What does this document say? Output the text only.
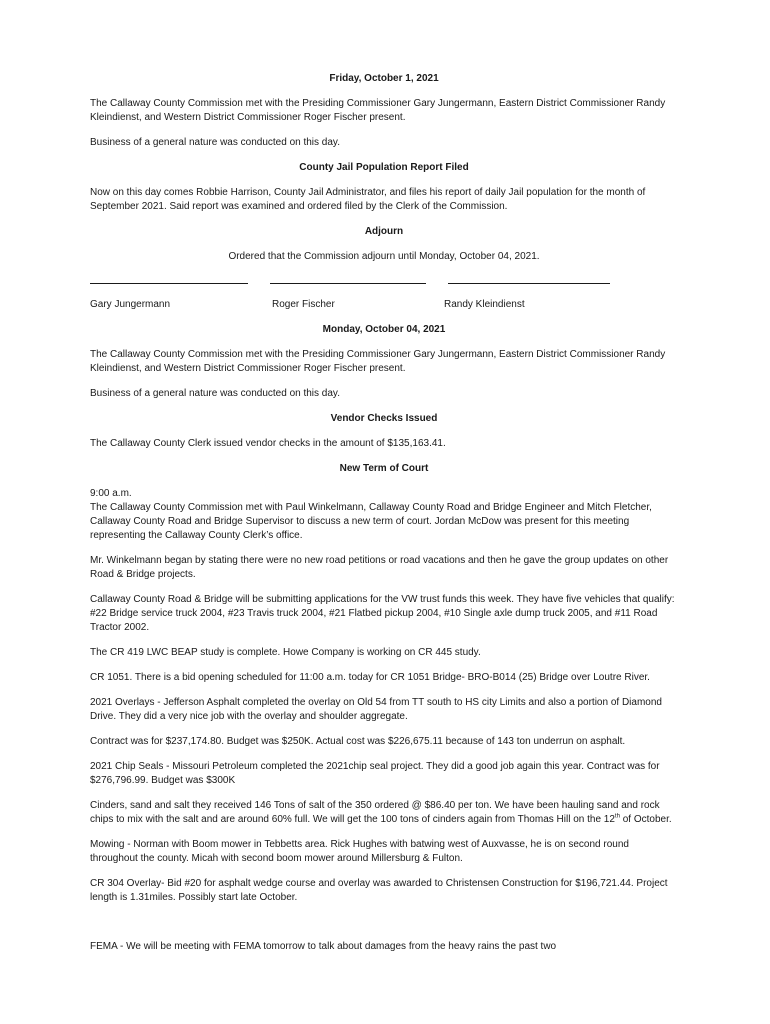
Friday, October 1, 2021
The Callaway County Commission met with the Presiding Commissioner Gary Jungermann, Eastern District Commissioner Randy Kleindienst, and Western District Commissioner Roger Fischer present.
Business of a general nature was conducted on this day.
County Jail Population Report Filed
Now on this day comes Robbie Harrison, County Jail Administrator, and files his report of daily Jail population for the month of September 2021. Said report was examined and ordered filed by the Clerk of the Commission.
Adjourn
Ordered that the Commission adjourn until Monday, October 04, 2021.
Gary Jungermann	Roger Fischer	Randy Kleindienst
Monday, October 04, 2021
The Callaway County Commission met with the Presiding Commissioner Gary Jungermann, Eastern District Commissioner Randy Kleindienst, and Western District Commissioner Roger Fischer present.
Business of a general nature was conducted on this day.
Vendor Checks Issued
The Callaway County Clerk issued vendor checks in the amount of $135,163.41.
New Term of Court
9:00 a.m.
The Callaway County Commission met with Paul Winkelmann, Callaway County Road and Bridge Engineer and Mitch Fletcher, Callaway County Road and Bridge Supervisor to discuss a new term of court. Jordan McDow was present for this meeting representing the Callaway County Clerk’s office.
Mr. Winkelmann began by stating there were no new road petitions or road vacations and then he gave the group updates on other Road & Bridge projects.
Callaway County Road & Bridge will be submitting applications for the VW trust funds this week. They have five vehicles that qualify: #22 Bridge service truck 2004, #23 Travis truck 2004, #21 Flatbed pickup 2004, #10 Single axle dump truck 2005, and #11 Road Tractor 2002.
The CR 419 LWC BEAP study is complete. Howe Company is working on CR 445 study.
CR 1051. There is a bid opening scheduled for 11:00 a.m. today for CR 1051 Bridge- BRO-B014 (25) Bridge over Loutre River.
2021 Overlays - Jefferson Asphalt completed the overlay on Old 54 from TT south to HS city Limits and also a portion of Diamond Drive. They did a very nice job with the overlay and shoulder aggregate.
Contract was for $237,174.80. Budget was $250K. Actual cost was $226,675.11 because of 143 ton underrun on asphalt.
2021 Chip Seals - Missouri Petroleum completed the 2021chip seal project. They did a good job again this year. Contract was for $276,796.99. Budget was $300K
Cinders, sand and salt they received 146 Tons of salt of the 350 ordered @ $86.40 per ton. We have been hauling sand and rock chips to mix with the salt and are around 60% full. We will get the 100 tons of cinders again from Thomas Hill on the 12th of October.
Mowing - Norman with Boom mower in Tebbetts area. Rick Hughes with batwing west of Auxvasse, he is on second round throughout the county. Micah with second boom mower around Millersburg & Fulton.
CR 304 Overlay- Bid #20 for asphalt wedge course and overlay was awarded to Christensen Construction for $196,721.44. Project length is 1.31miles. Possibly start late October.
FEMA - We will be meeting with FEMA tomorrow to talk about damages from the heavy rains the past two
